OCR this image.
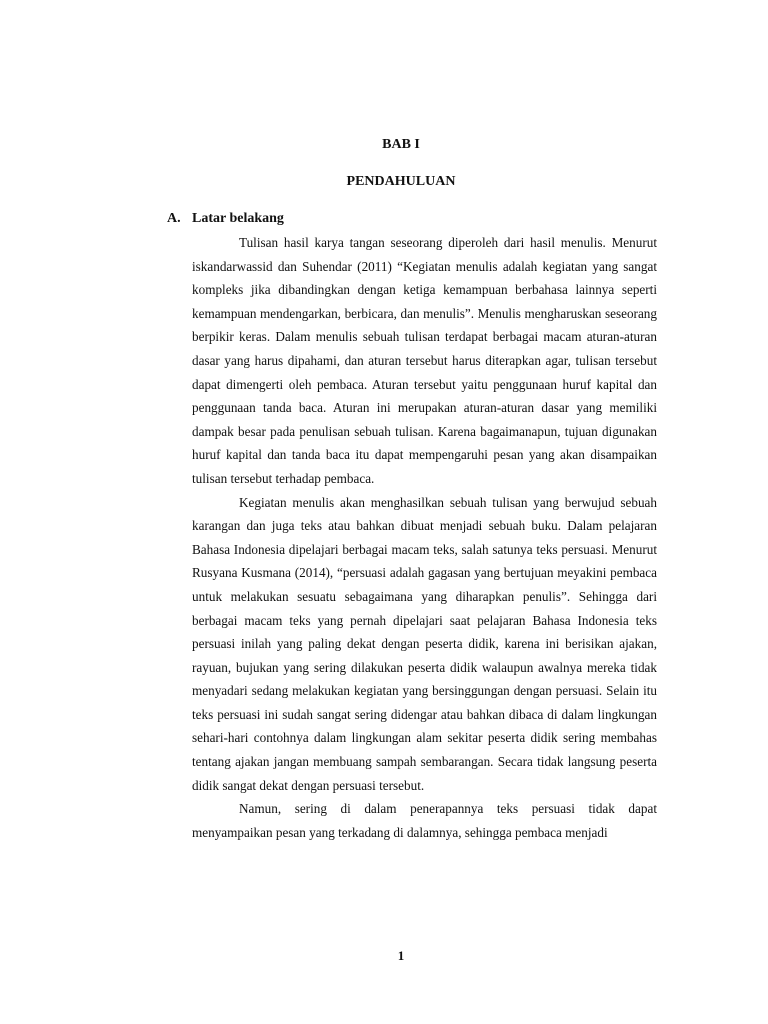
BAB I
PENDAHULUAN
A. Latar belakang

Tulisan hasil karya tangan seseorang diperoleh dari hasil menulis. Menurut iskandarwassid dan Suhendar (2011) “Kegiatan menulis adalah kegiatan yang sangat kompleks jika dibandingkan dengan ketiga kemampuan berbahasa lainnya seperti kemampuan mendengarkan, berbicara, dan menulis”. Menulis mengharuskan seseorang berpikir keras. Dalam menulis sebuah tulisan terdapat berbagai macam aturan-aturan dasar yang harus dipahami, dan aturan tersebut harus diterapkan agar, tulisan tersebut dapat dimengerti oleh pembaca. Aturan tersebut yaitu penggunaan huruf kapital dan penggunaan tanda baca. Aturan ini merupakan aturan-aturan dasar yang memiliki dampak besar pada penulisan sebuah tulisan. Karena bagaimanapun, tujuan digunakan huruf kapital dan tanda baca itu dapat mempengaruhi pesan yang akan disampaikan tulisan tersebut terhadap pembaca.

Kegiatan menulis akan menghasilkan sebuah tulisan yang berwujud sebuah karangan dan juga teks atau bahkan dibuat menjadi sebuah buku. Dalam pelajaran Bahasa Indonesia dipelajari berbagai macam teks, salah satunya teks persuasi. Menurut Rusyana Kusmana (2014), “persuasi adalah gagasan yang bertujuan meyakini pembaca untuk melakukan sesuatu sebagaimana yang diharapkan penulis”. Sehingga dari berbagai macam teks yang pernah dipelajari saat pelajaran Bahasa Indonesia teks persuasi inilah yang paling dekat dengan peserta didik, karena ini berisikan ajakan, rayuan, bujukan yang sering dilakukan peserta didik walaupun awalnya mereka tidak menyadari sedang melakukan kegiatan yang bersinggungan dengan persuasi. Selain itu teks persuasi ini sudah sangat sering didengar atau bahkan dibaca di dalam lingkungan sehari-hari contohnya dalam lingkungan alam sekitar peserta didik sering membahas tentang ajakan jangan membuang sampah sembarangan. Secara tidak langsung peserta didik sangat dekat dengan persuasi tersebut.

Namun, sering di dalam penerapannya teks persuasi tidak dapat menyampaikan pesan yang terkadang di dalamnya, sehingga pembaca menjadi

1
